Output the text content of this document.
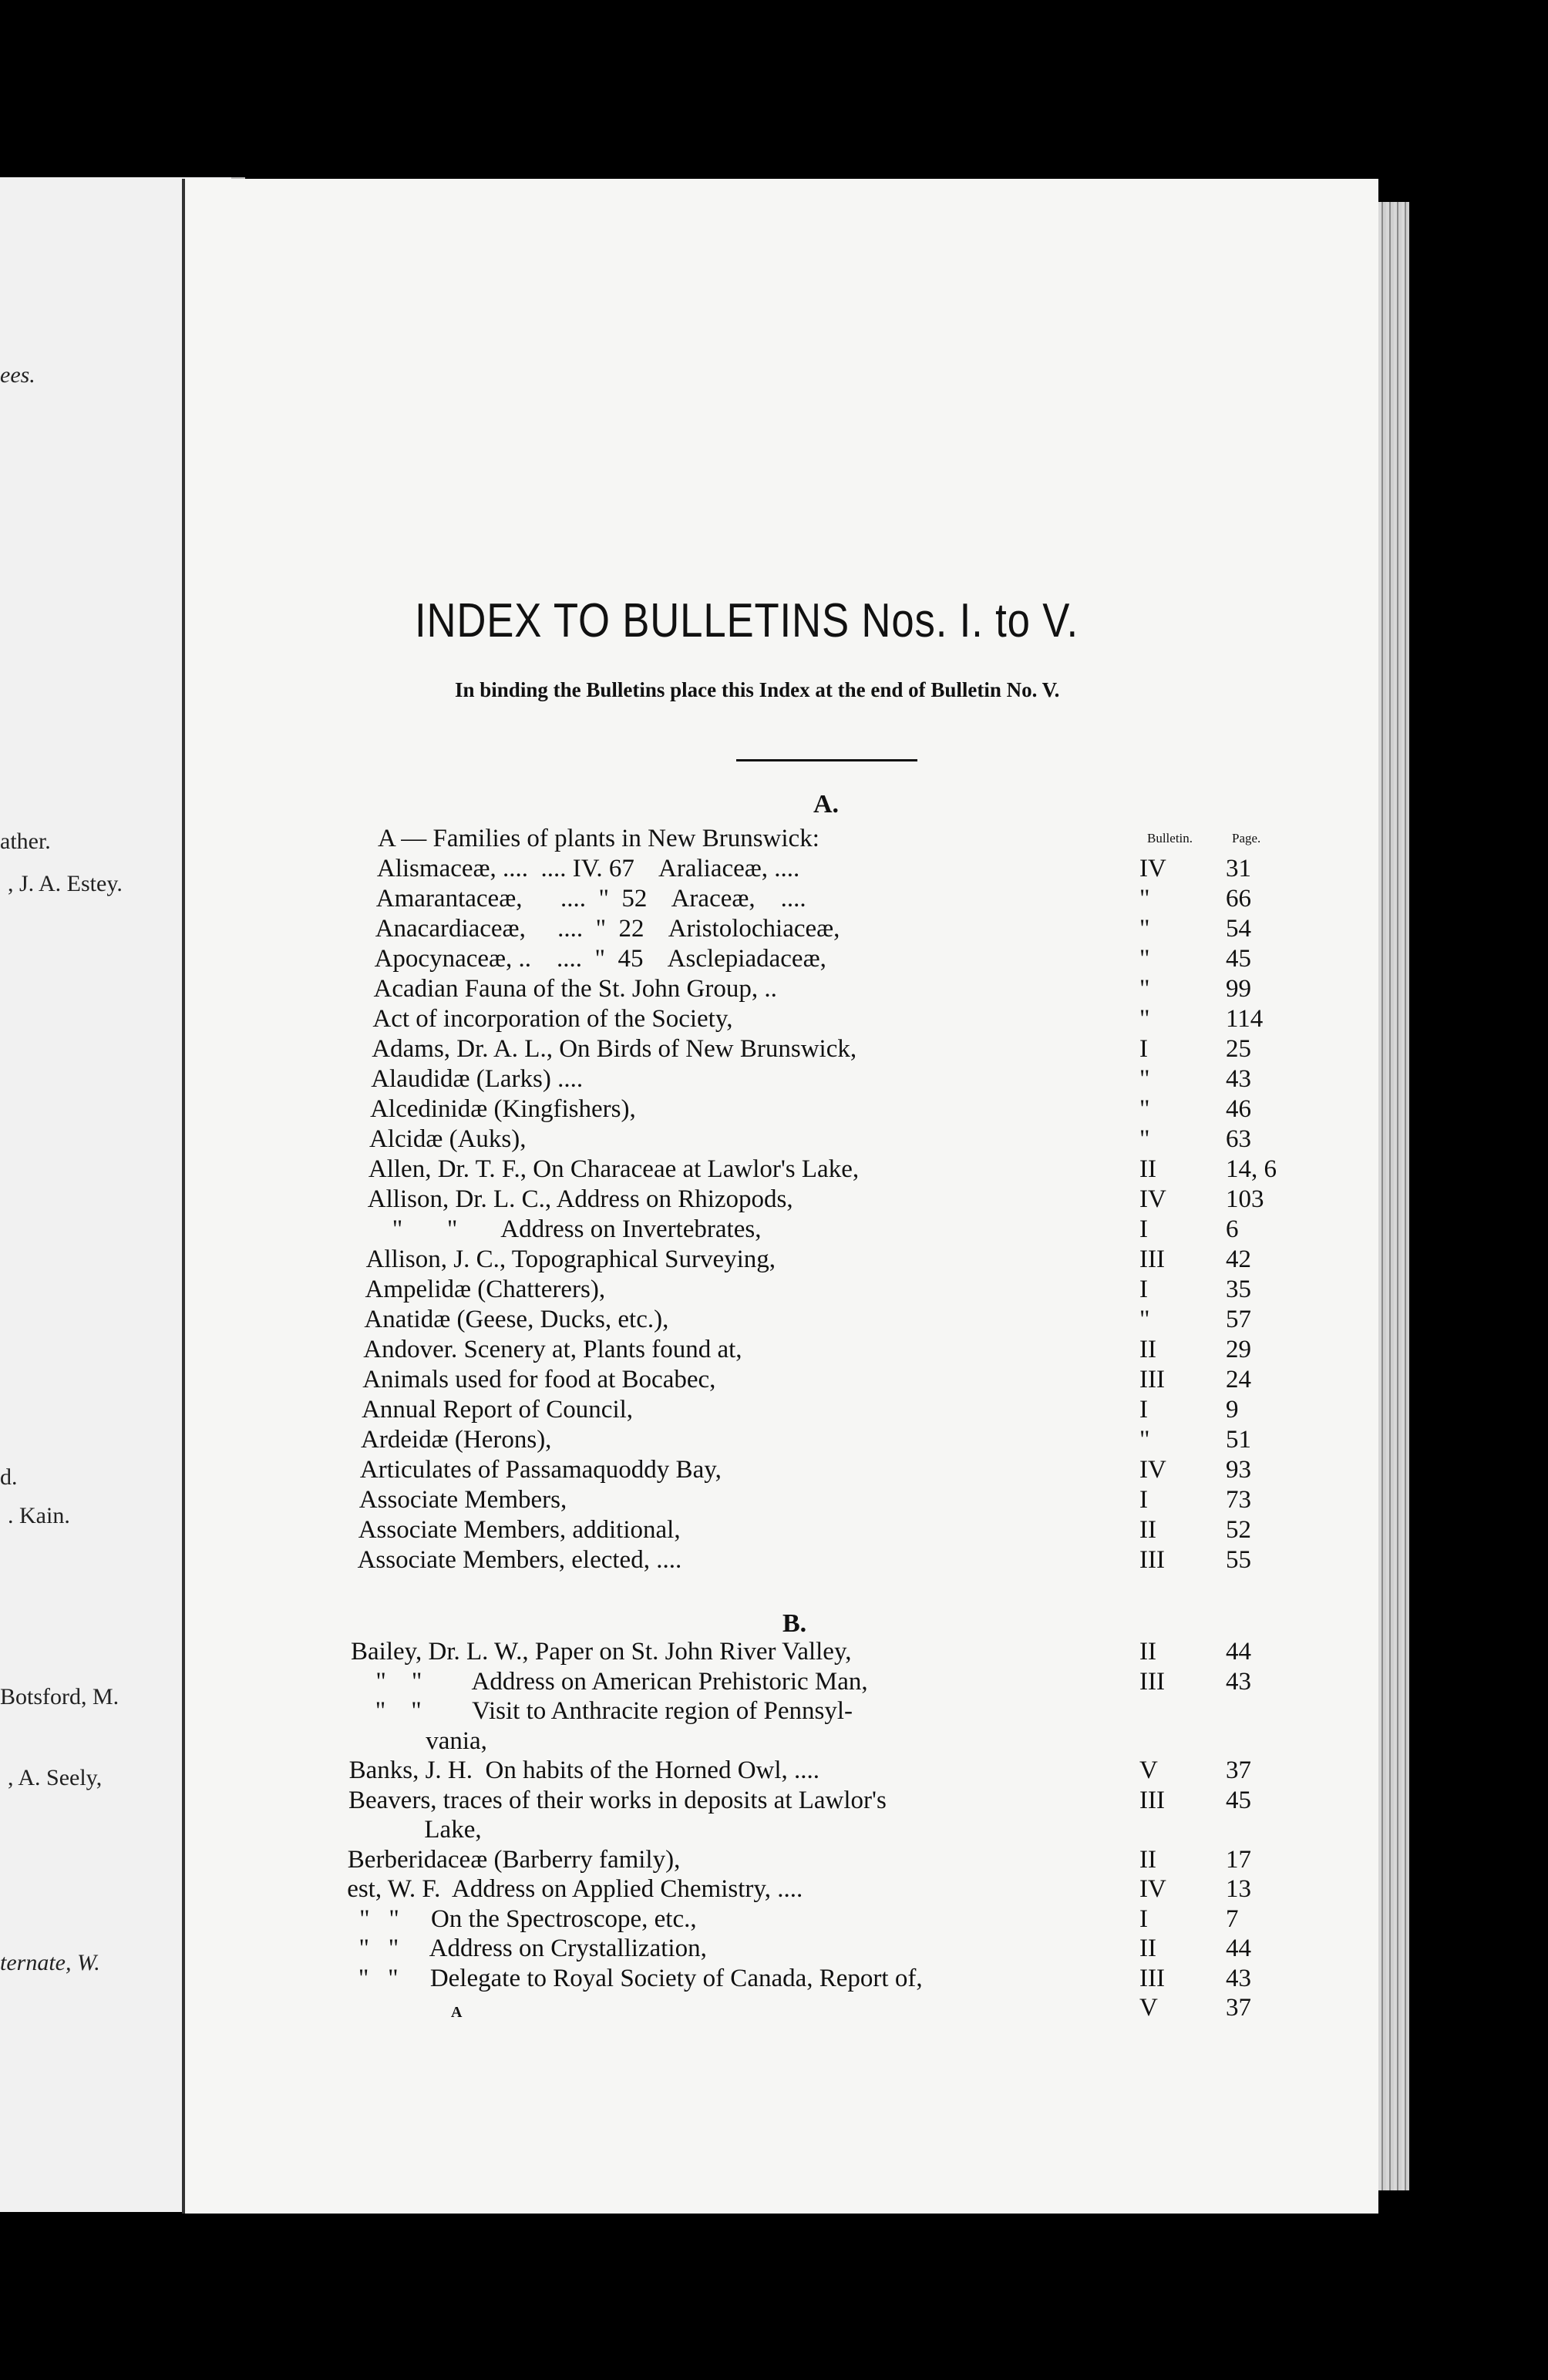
ees.
ather.
, J. A. Estey.
d.
. Kain.
Botsford, M.
, A. Seely,
ternate, W.
INDEX TO BULLETINS Nos. I. to V.
In binding the Bulletins place this Index at the end of Bulletin No. V.
A.
Bulletin.	Page.
A — Families of plants in New Brunswick:
Alismaceæ, ....  .... IV. 67    Araliaceæ, ....	IV 31
Amarantaceæ,      ....  "  52    Araceæ,    ....	"	66
Anacardiaceæ,     ....  "  22    Aristolochiaceæ,	"	54
Apocynaceæ, ..    ....  "  45    Asclepiadaceæ,	"	45
Acadian Fauna of the St. John Group, ..	"	99
Act of incorporation of the Society,	"	114
Adams, Dr. A. L., On Birds of New Brunswick,	I	25
Alaudidæ (Larks) ....	"	43
Alcedinidæ (Kingfishers),	"	46
Alcidæ (Auks),	"	63
Allen, Dr. T. F., On Characeae at Lawlor's Lake,	II	14, 6
Allison, Dr. L. C., Address on Rhizopods,	IV 103
"       "       Address on Invertebrates,	I	6
Allison, J. C., Topographical Surveying,	III 42
Ampelidæ (Chatterers),	I	35
Anatidæ (Geese, Ducks, etc.),	"	57
Andover. Scenery at, Plants found at,	II	29
Animals used for food at Bocabec,	III 24
Annual Report of Council,	I	9
Ardeidæ (Herons),	"	51
Articulates of Passamaquoddy Bay,	IV 93
Associate Members,	I	73
Associate Members, additional,	II	52
Associate Members, elected, ....	III 55
B.
Bailey, Dr. L. W., Paper on St. John River Valley,	II	44
"    "        Address on American Prehistoric Man,	III 43
"    "        Visit to Anthracite region of Pennsyl-
vania,
Banks, J. H.  On habits of the Horned Owl, ....	V	37
Beavers, traces of their works in deposits at Lawlor's	III 45
Lake,
Berberidaceæ (Barberry family),	II	17
est, W. F.  Address on Applied Chemistry, ....	IV 13
"   "     On the Spectroscope, etc.,	I	7
"   "     Address on Crystallization,	II	44
"   "     Delegate to Royal Society of Canada, Report of,	III 43
V	37
A
